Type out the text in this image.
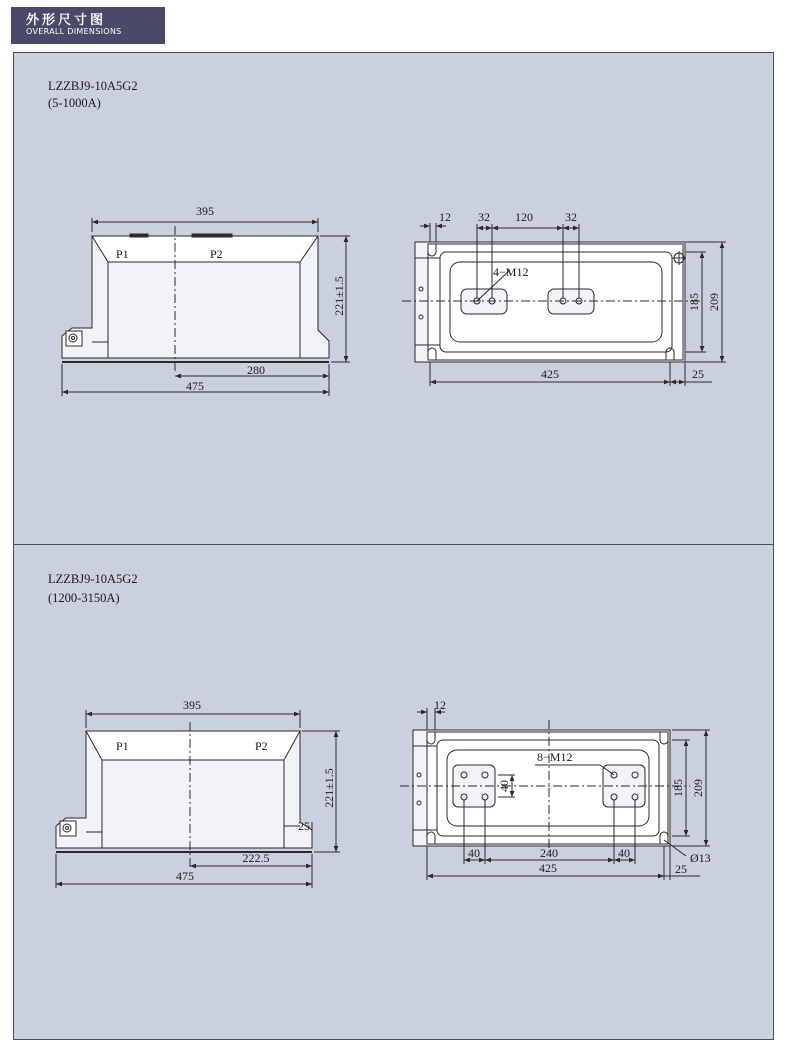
外形尺寸图
OVERALL DIMENSIONS
LZZBJ9-10A5G2
(5-1000A)
LZZBJ9-10A5G2
(1200-3150A)
395
P1	P2
221±1.5
280
475
12 32 120	32
4−M12
185 209
425	25
395
P1	P2
221±1.5
25
222.5
475
12
8−M12
40	185 209
40	240	40	Ø13
425	25
